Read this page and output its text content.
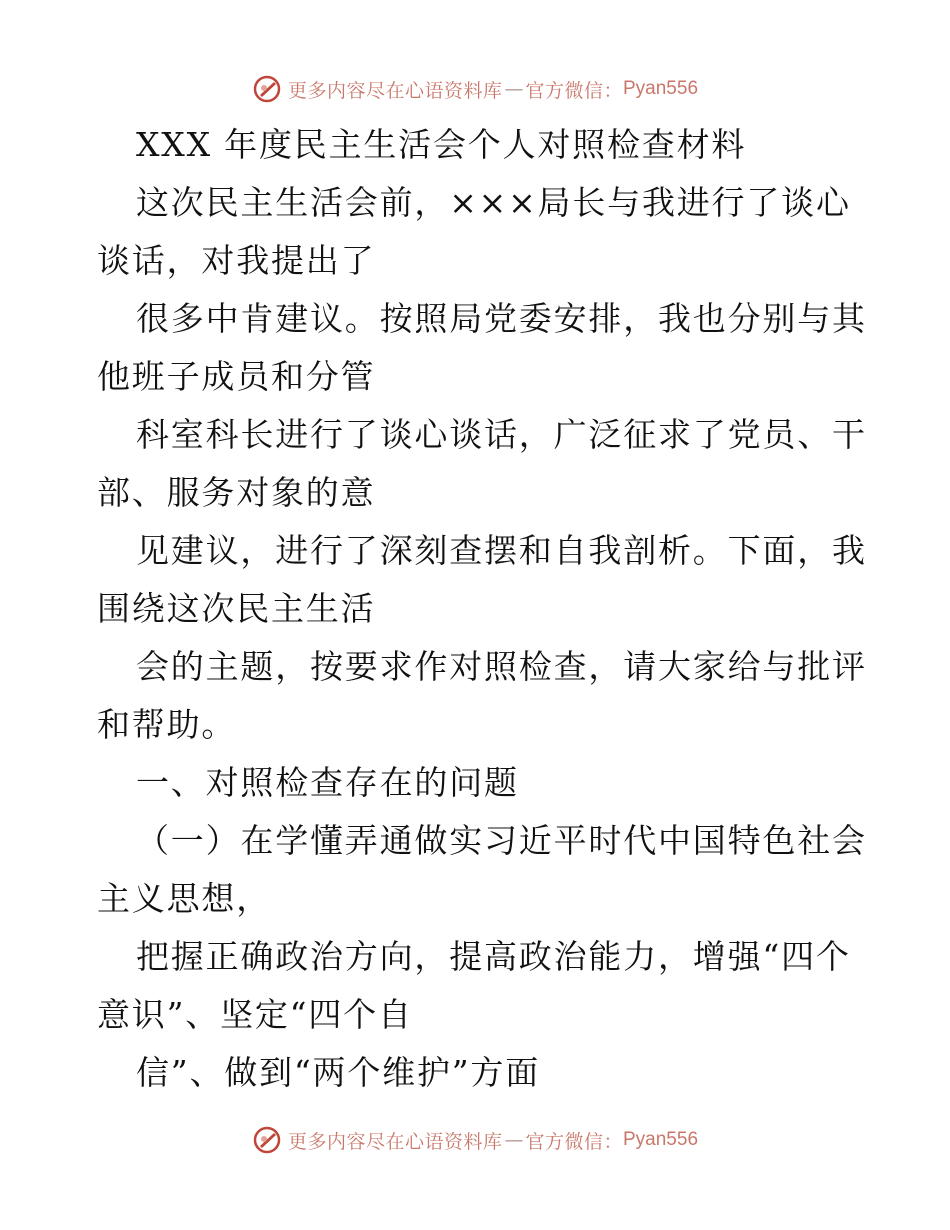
更多内容尽在心语资料库 — 官方微信： Pyan556
XXX 年度民主生活会个人对照检查材料
这次民主生活会前，×××局长与我进行了谈心
谈话，对我提出了
很多中肯建议。按照局党委安排，我也分别与其
他班子成员和分管
科室科长进行了谈心谈话，广泛征求了党员、干
部、服务对象的意
见建议，进行了深刻查摆和自我剖析。下面，我
围绕这次民主生活
会的主题，按要求作对照检查，请大家给与批评
和帮助。
一、对照检查存在的问题
（一）在学懂弄通做实习近平时代中国特色社会
主义思想，
把握正确政治方向，提高政治能力，增强“四个
意识”、坚定“四个自
信”、做到“两个维护”方面
更多内容尽在心语资料库 — 官方微信： Pyan556
